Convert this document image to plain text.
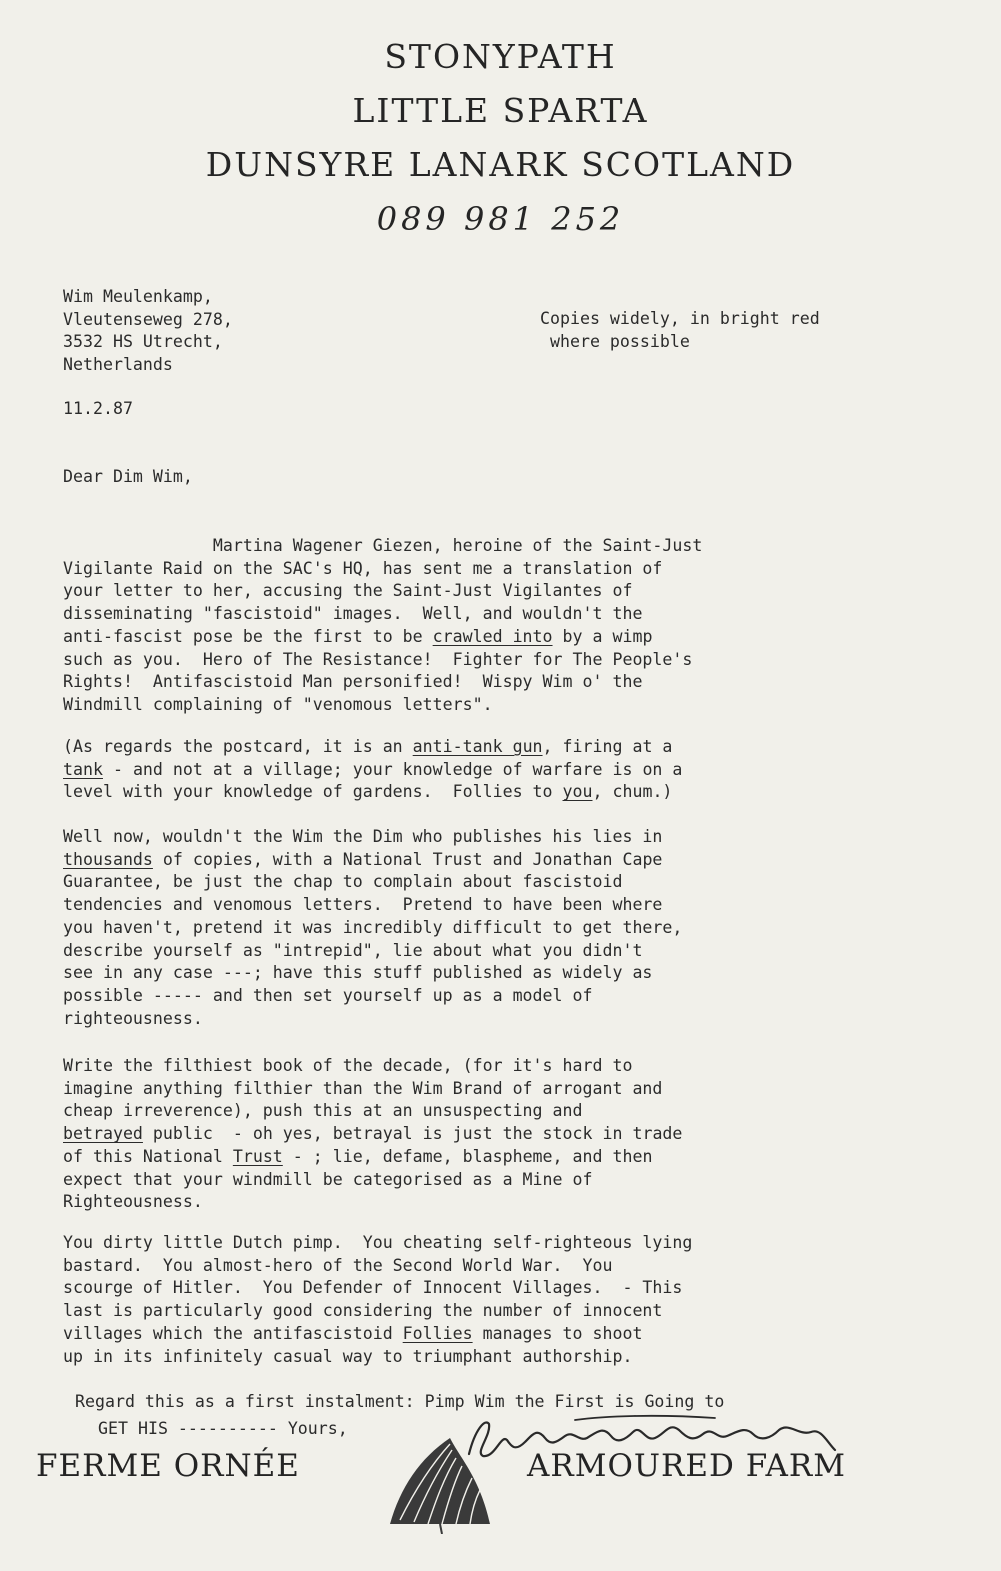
STONYPATH
LITTLE SPARTA
DUNSYRE LANARK SCOTLAND
089 981 252
Wim Meulenkamp,
Vleutenseweg 278,
3532 HS Utrecht,
Netherlands
Copies widely, in bright red
where possible
11.2.87
Dear Dim Wim,
Martina Wagener Giezen, heroine of the Saint-Just
Vigilante Raid on the SAC's HQ, has sent me a translation of
your letter to her, accusing the Saint-Just Vigilantes of
disseminating "fascistoid" images.  Well, and wouldn't the
anti-fascist pose be the first to be crawled into by a wimp
such as you.  Hero of The Resistance!  Fighter for The People's
Rights!  Antifascistoid Man personified!  Wispy Wim o' the
Windmill complaining of "venomous letters".
(As regards the postcard, it is an anti-tank gun, firing at a
tank - and not at a village; your knowledge of warfare is on a
level with your knowledge of gardens.  Follies to you, chum.)
Well now, wouldn't the Wim the Dim who publishes his lies in
thousands of copies, with a National Trust and Jonathan Cape
Guarantee, be just the chap to complain about fascistoid
tendencies and venomous letters.  Pretend to have been where
you haven't, pretend it was incredibly difficult to get there,
describe yourself as "intrepid", lie about what you didn't
see in any case ---; have this stuff published as widely as
possible ----- and then set yourself up as a model of
righteousness.
Write the filthiest book of the decade, (for it's hard to
imagine anything filthier than the Wim Brand of arrogant and
cheap irreverence), push this at an unsuspecting and
betrayed public  - oh yes, betrayal is just the stock in trade
of this National Trust - ; lie, defame, blaspheme, and then
expect that your windmill be categorised as a Mine of
Righteousness.
You dirty little Dutch pimp.  You cheating self-righteous lying
bastard.  You almost-hero of the Second World War.  You
scourge of Hitler.  You Defender of Innocent Villages.  - This
last is particularly good considering the number of innocent
villages which the antifascistoid Follies manages to shoot
up in its infinitely casual way to triumphant authorship.
Regard this as a first instalment: Pimp Wim the First is Going to
GET HIS ---------- Yours,
FERME ORNÉE	ARMOURED FARM
